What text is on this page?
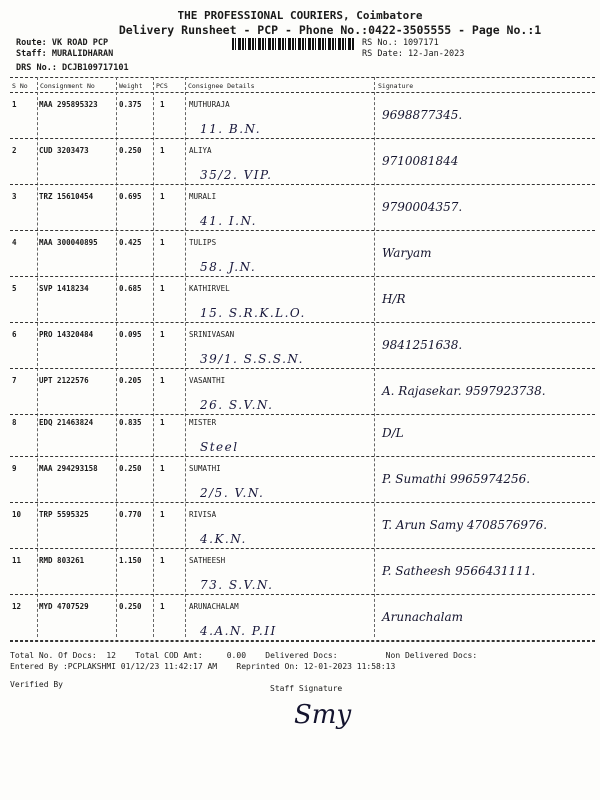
THE PROFESSIONAL COURIERS, Coimbatore
Delivery Runsheet - PCP - Phone No.:0422-3505555 - Page No.:1
Route: VK ROAD PCP
Staff: MURALIDHARAN
DRS No.: DCJB109717101
RS No.: 1097171
RS Date: 12-Jan-2023
S No Consignment No	Weight PCS	Consignee Details	Signature
1	MAA 295895323	0.375 1	MUTHURAJA
11. B.N.
9698877345.
2	CUD 3203473	0.250 1	ALIYA
35/2. VIP.
9710081844
3	TRZ 15610454	0.695 1	MURALI
41. I.N.
9790004357.
4	MAA 300040895	0.425 1	TULIPS
58. J.N.
Waryam
5	SVP 1418234	0.685 1	KATHIRVEL
15. S.R.K.L.O.
H/R
6	PRO 14320484	0.095 1	SRINIVASAN
39/1. S.S.S.N.
9841251638.
7	UPT 2122576	0.205 1	VASANTHI
26. S.V.N.
A. Rajasekar. 9597923738.
8	EDQ 21463824	0.835 1	MISTER
Steel
D/L
9	MAA 294293158	0.250 1	SUMATHI
2/5. V.N.
P. Sumathi 9965974256.
10 TRP 5595325	0.770 1	RIVISA
4.K.N.
T. Arun Samy 4708576976.
11 RMD 803261	1.150 1	SATHEESH
73. S.V.N.
P. Satheesh 9566431111.
12 MYD 4707529	0.250 1	ARUNACHALAM
4.A.N. P.II
Arunachalam
Total No. Of Docs:  12    Total COD Amt:     0.00    Delivered Docs:          Non Delivered Docs:
Entered By :PCPLAKSHMI 01/12/23 11:42:17 AM    Reprinted On: 12-01-2023 11:58:13
Verified By	Staff Signature
Smy
